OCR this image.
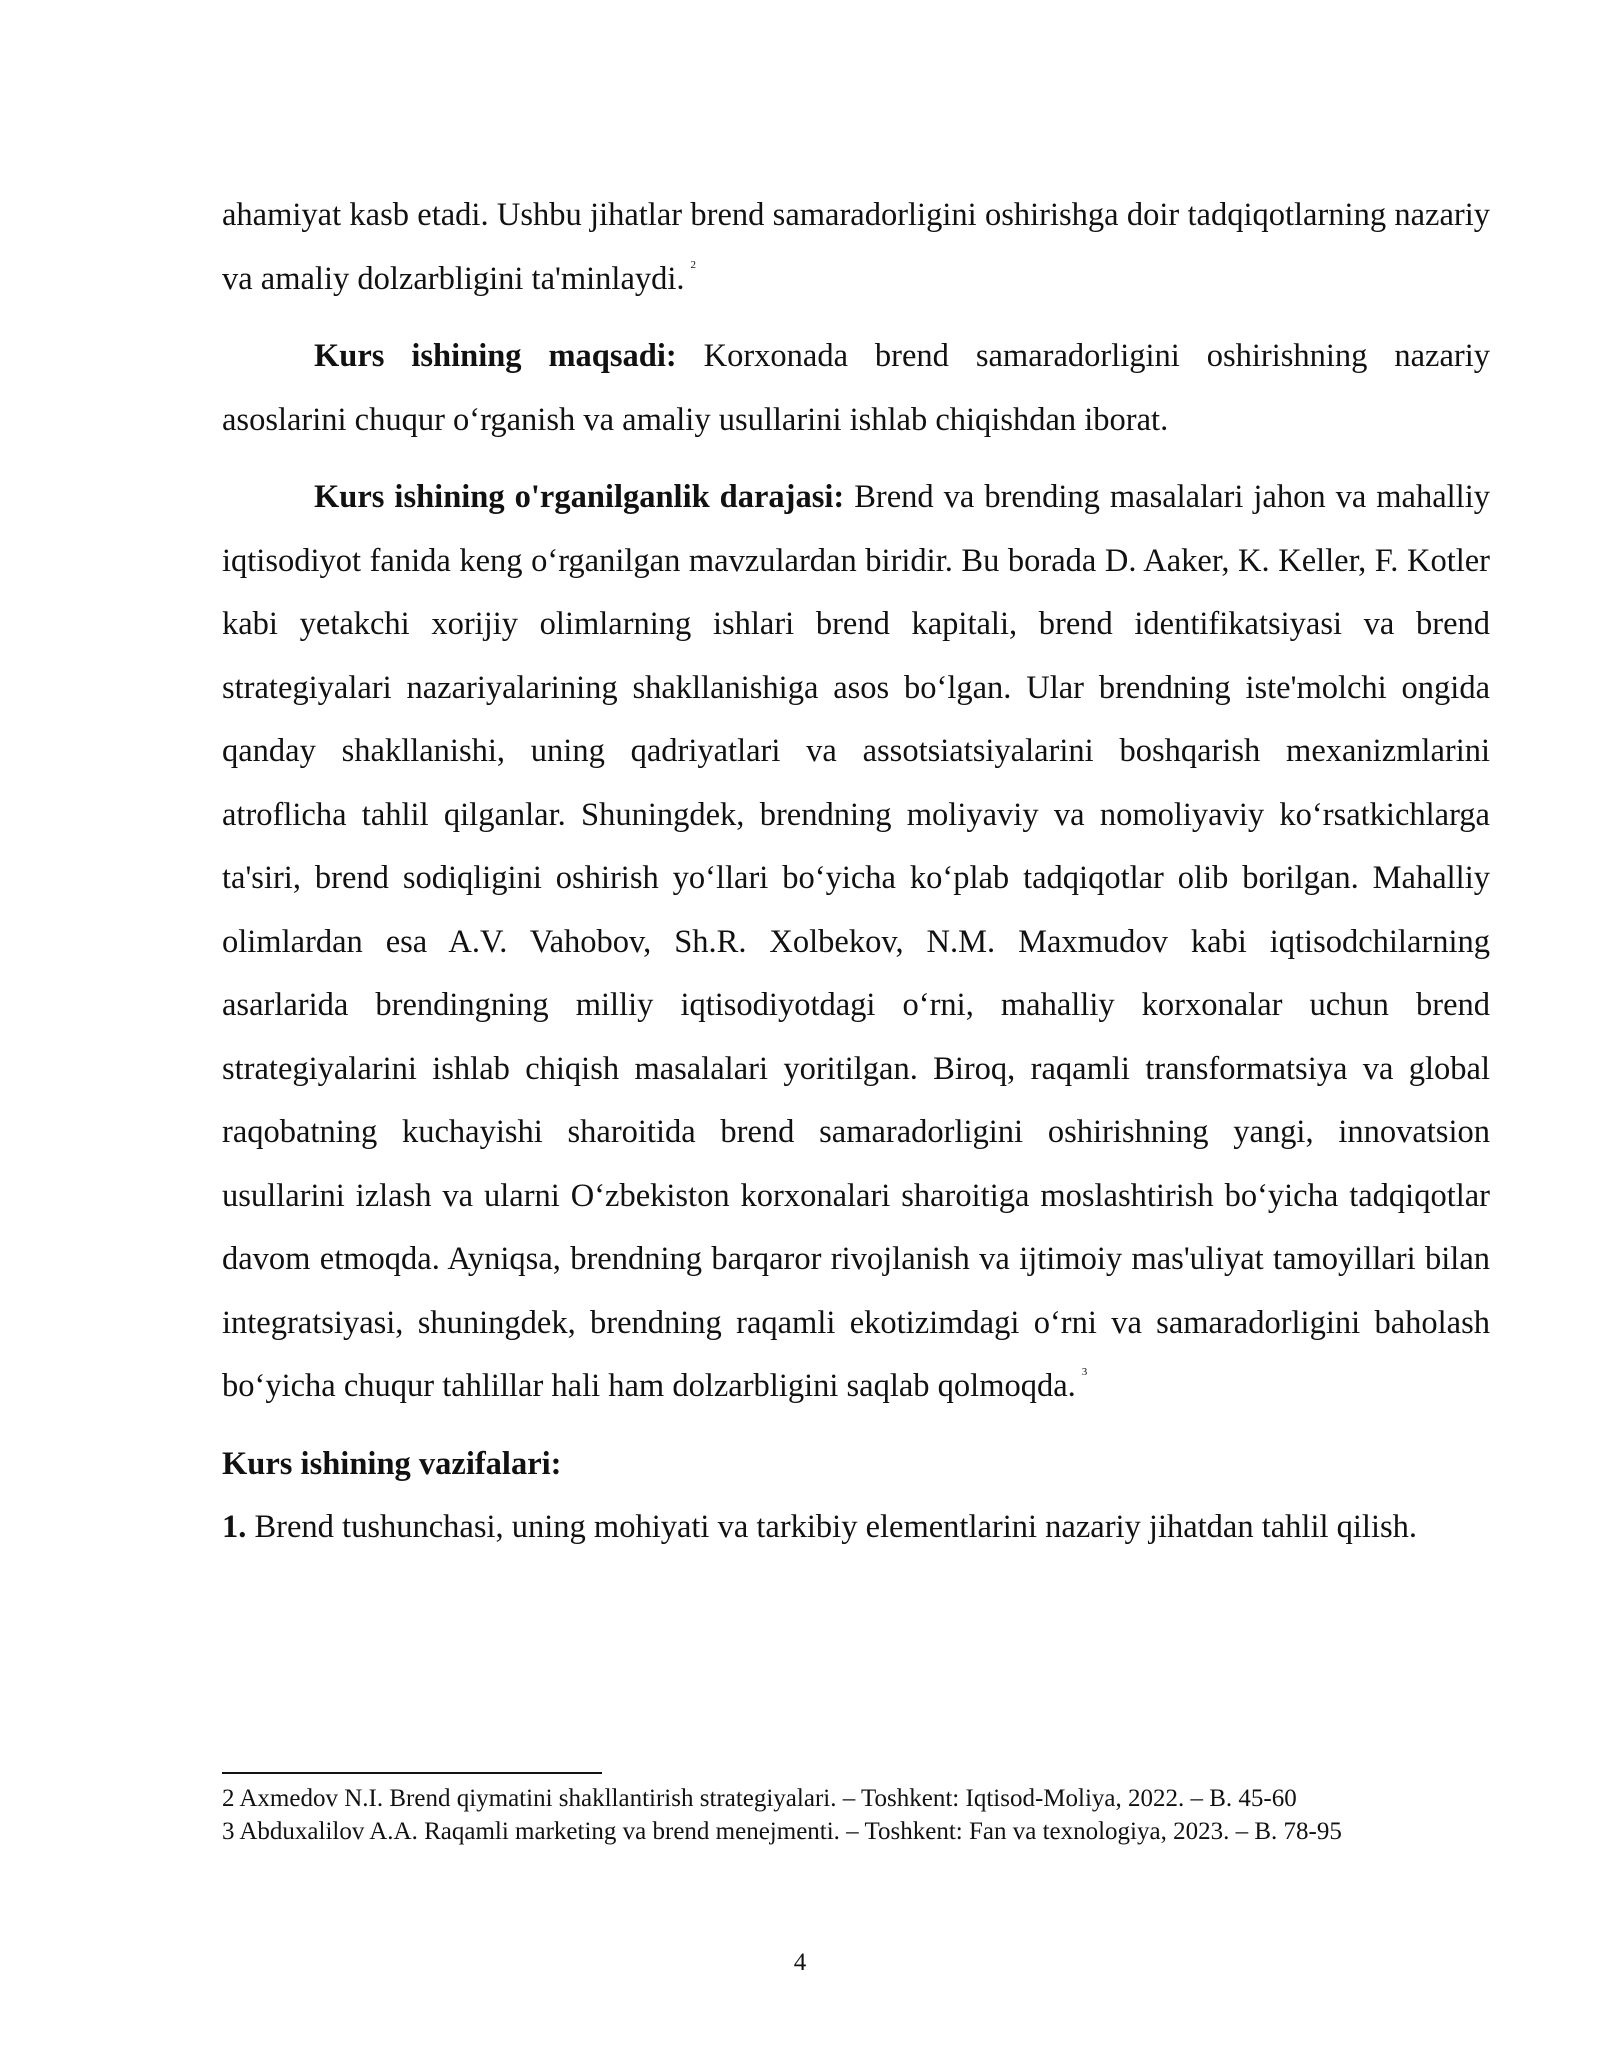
ahamiyat kasb etadi. Ushbu jihatlar brend samaradorligini oshirishga doir tadqiqotlarning nazariy va amaliy dolzarbligini ta'minlaydi. $^2$

Kurs ishining maqsadi: Korxonada brend samaradorligini oshirishning nazariy asoslarini chuqur o‘rganish va amaliy usullarini ishlab chiqishdan iborat.

Kurs ishining o'rganilganlik darajasi: Brend va brending masalalari jahon va mahalliy iqtisodiyot fanida keng o‘rganilgan mavzulardan biridir. Bu borada D. Aaker, K. Keller, F. Kotler kabi yetakchi xorijiy olimlarning ishlari brend kapitali, brend identifikatsiyasi va brend strategiyalari nazariyalarining shakllanishiga asos bo‘lgan. Ular brendning iste'molchi ongida qanday shakllanishi, uning qadriyatlari va assotsiatsiyalarini boshqarish mexanizmlarini atroflicha tahlil qilganlar. Shuningdek, brendning moliyaviy va nomoliyaviy ko‘rsatkichlarga ta'siri, brend sodiqligini oshirish yo‘llari bo‘yicha ko‘plab tadqiqotlar olib borilgan. Mahalliy olimlardan esa A.V. Vahobov, Sh.R. Xolbekov, N.M. Maxmudov kabi iqtisodchilarning asarlarida brendingning milliy iqtisodiyotdagi o‘rni, mahalliy korxonalar uchun brend strategiyalarini ishlab chiqish masalalari yoritilgan. Biroq, raqamli transformatsiya va global raqobatning kuchayishi sharoitida brend samaradorligini oshirishning yangi, innovatsion usullarini izlash va ularni O‘zbekiston korxonalari sharoitiga moslashtirish bo‘yicha tadqiqotlar davom etmoqda. Ayniqsa, brendning barqaror rivojlanish va ijtimoiy mas'uliyat tamoyillari bilan integratsiyasi, shuningdek, brendning raqamli ekotizimdagi o‘rni va samaradorligini baholash bo‘yicha chuqur tahlillar hali ham dolzarbligini saqlab qolmoqda. $^3$

Kurs ishining vazifalari:

1. Brend tushunchasi, uning mohiyati va tarkibiy elementlarini nazariy jihatdan tahlil qilish.

2 Axmedov N.I. Brend qiymatini shakllantirish strategiyalari. – Toshkent: Iqtisod-Moliya, 2022. – B. 45-60

3 Abduxalilov A.A. Raqamli marketing va brend menejmenti. – Toshkent: Fan va texnologiya, 2023. – B. 78-95

4
